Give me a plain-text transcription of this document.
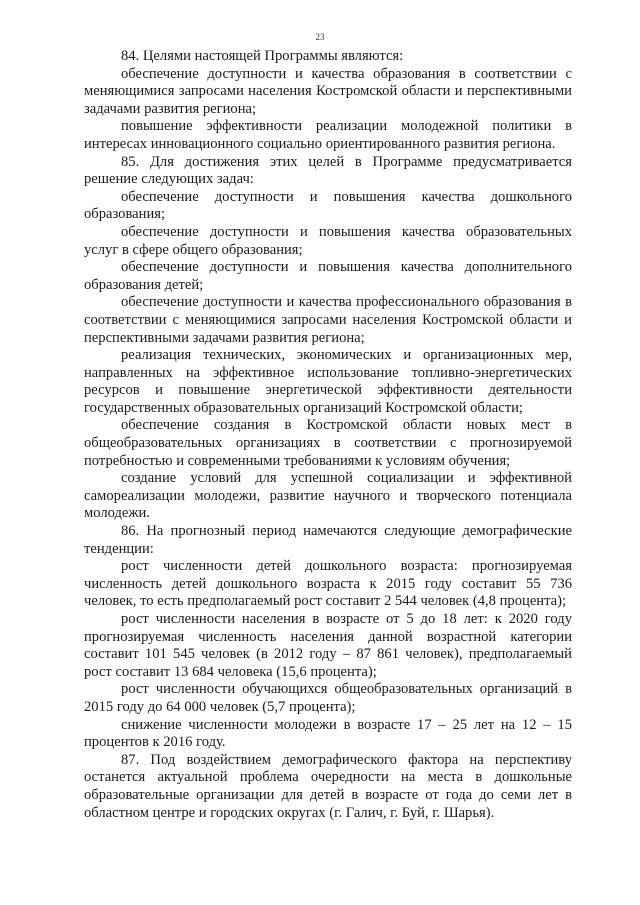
23

84. Целями настоящей Программы являются:

обеспечение доступности и качества образования в соответствии с меняющимися запросами населения Костромской области и перспективными задачами развития региона;

повышение эффективности реализации молодежной политики в интересах инновационного социально ориентированного развития региона.

85. Для достижения этих целей в Программе предусматривается решение следующих задач:

обеспечение доступности и повышения качества дошкольного образования;

обеспечение доступности и повышения качества образовательных услуг в сфере общего образования;

обеспечение доступности и повышения качества дополнительного образования детей;

обеспечение доступности и качества профессионального образования в соответствии с меняющимися запросами населения Костромской области и перспективными задачами развития региона;

реализация технических, экономических и организационных мер, направленных на эффективное использование топливно-энергетических ресурсов и повышение энергетической эффективности деятельности государственных образовательных организаций Костромской области;

обеспечение создания в Костромской области новых мест в общеобразовательных организациях в соответствии с прогнозируемой потребностью и современными требованиями к условиям обучения;

создание условий для успешной социализации и эффективной самореализации молодежи, развитие научного и творческого потенциала молодежи.

86. На прогнозный период намечаются следующие демографические тенденции:

рост численности детей дошкольного возраста: прогнозируемая численность детей дошкольного возраста к 2015 году составит 55 736 человек, то есть предполагаемый рост составит 2 544 человек (4,8 процента);

рост численности населения в возрасте от 5 до 18 лет: к 2020 году прогнозируемая численность населения данной возрастной категории составит 101 545 человек (в 2012 году – 87 861 человек), предполагаемый рост составит 13 684 человека (15,6 процента);

рост численности обучающихся общеобразовательных организаций в 2015 году до 64 000 человек (5,7 процента);

снижение численности молодежи в возрасте 17 – 25 лет на 12 – 15 процентов к 2016 году.

87. Под воздействием демографического фактора на перспективу останется актуальной проблема очередности на места в дошкольные образовательные организации для детей в возрасте от года до семи лет в областном центре и городских округах (г. Галич, г. Буй, г. Шарья).
